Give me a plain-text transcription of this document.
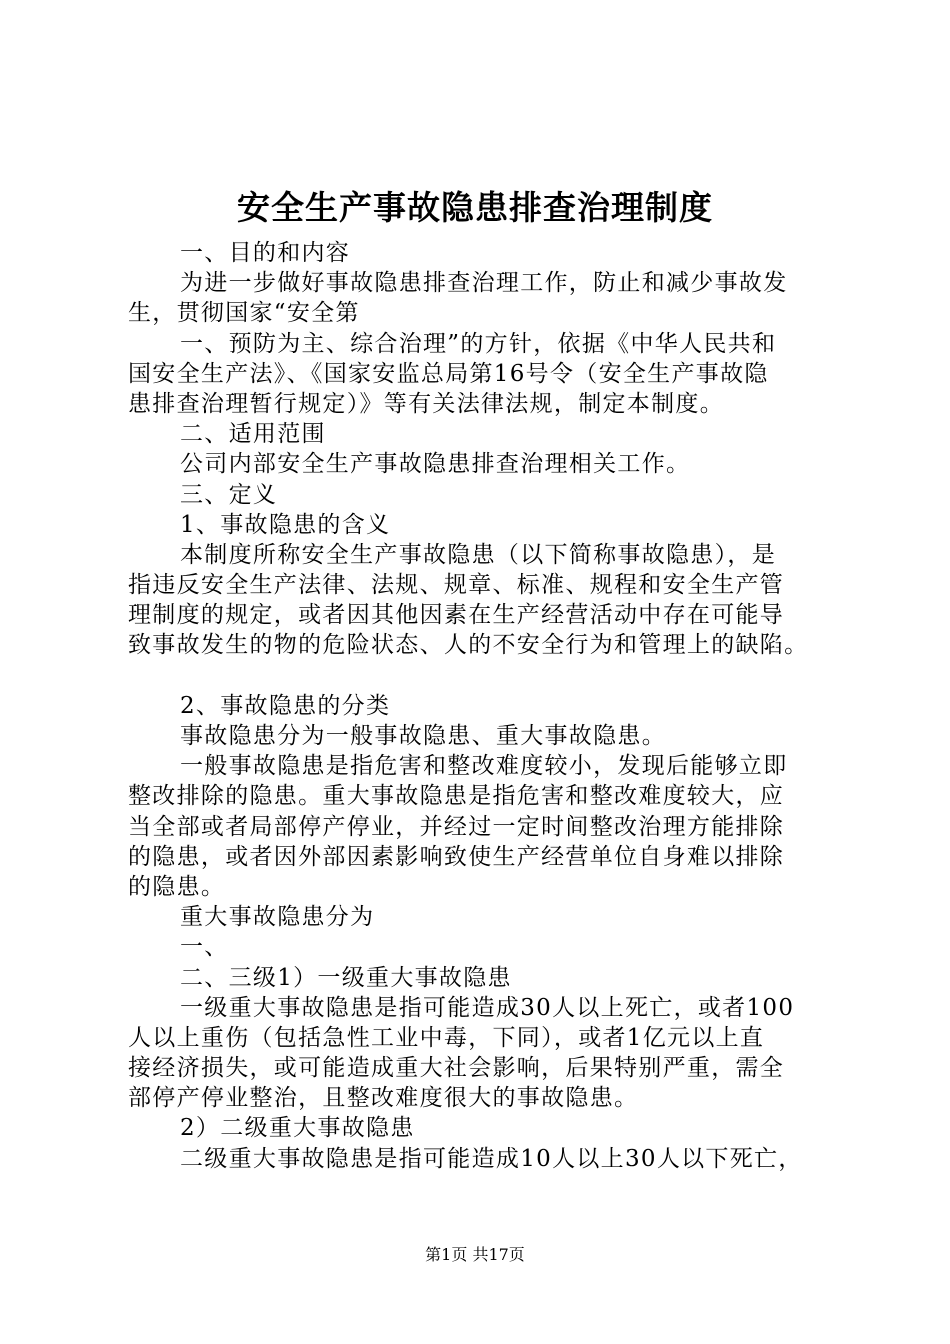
安全生产事故隐患排查治理制度

一、目的和内容

为进一步做好事故隐患排查治理工作，防止和减少事故发

生，贯彻国家“安全第

一、预防为主、综合治理”的方针，依据《中华人民共和

国安全生产法》、《国家安监总局第16号令（安全生产事故隐

患排查治理暂行规定）》等有关法律法规，制定本制度。

二、适用范围

公司内部安全生产事故隐患排查治理相关工作。

三、定义

1、事故隐患的含义

本制度所称安全生产事故隐患（以下简称事故隐患），是

指违反安全生产法律、法规、规章、标准、规程和安全生产管

理制度的规定，或者因其他因素在生产经营活动中存在可能导

致事故发生的物的危险状态、人的不安全行为和管理上的缺陷。

2、事故隐患的分类

事故隐患分为一般事故隐患、重大事故隐患。

一般事故隐患是指危害和整改难度较小，发现后能够立即

整改排除的隐患。重大事故隐患是指危害和整改难度较大，应

当全部或者局部停产停业，并经过一定时间整改治理方能排除

的隐患，或者因外部因素影响致使生产经营单位自身难以排除

的隐患。

重大事故隐患分为

一、

二、三级1）一级重大事故隐患

一级重大事故隐患是指可能造成30人以上死亡，或者100

人以上重伤（包括急性工业中毒，下同），或者1亿元以上直

接经济损失，或可能造成重大社会影响，后果特别严重，需全

部停产停业整治，且整改难度很大的事故隐患。

2）二级重大事故隐患

二级重大事故隐患是指可能造成10人以上30人以下死亡，

第1页 共17页
